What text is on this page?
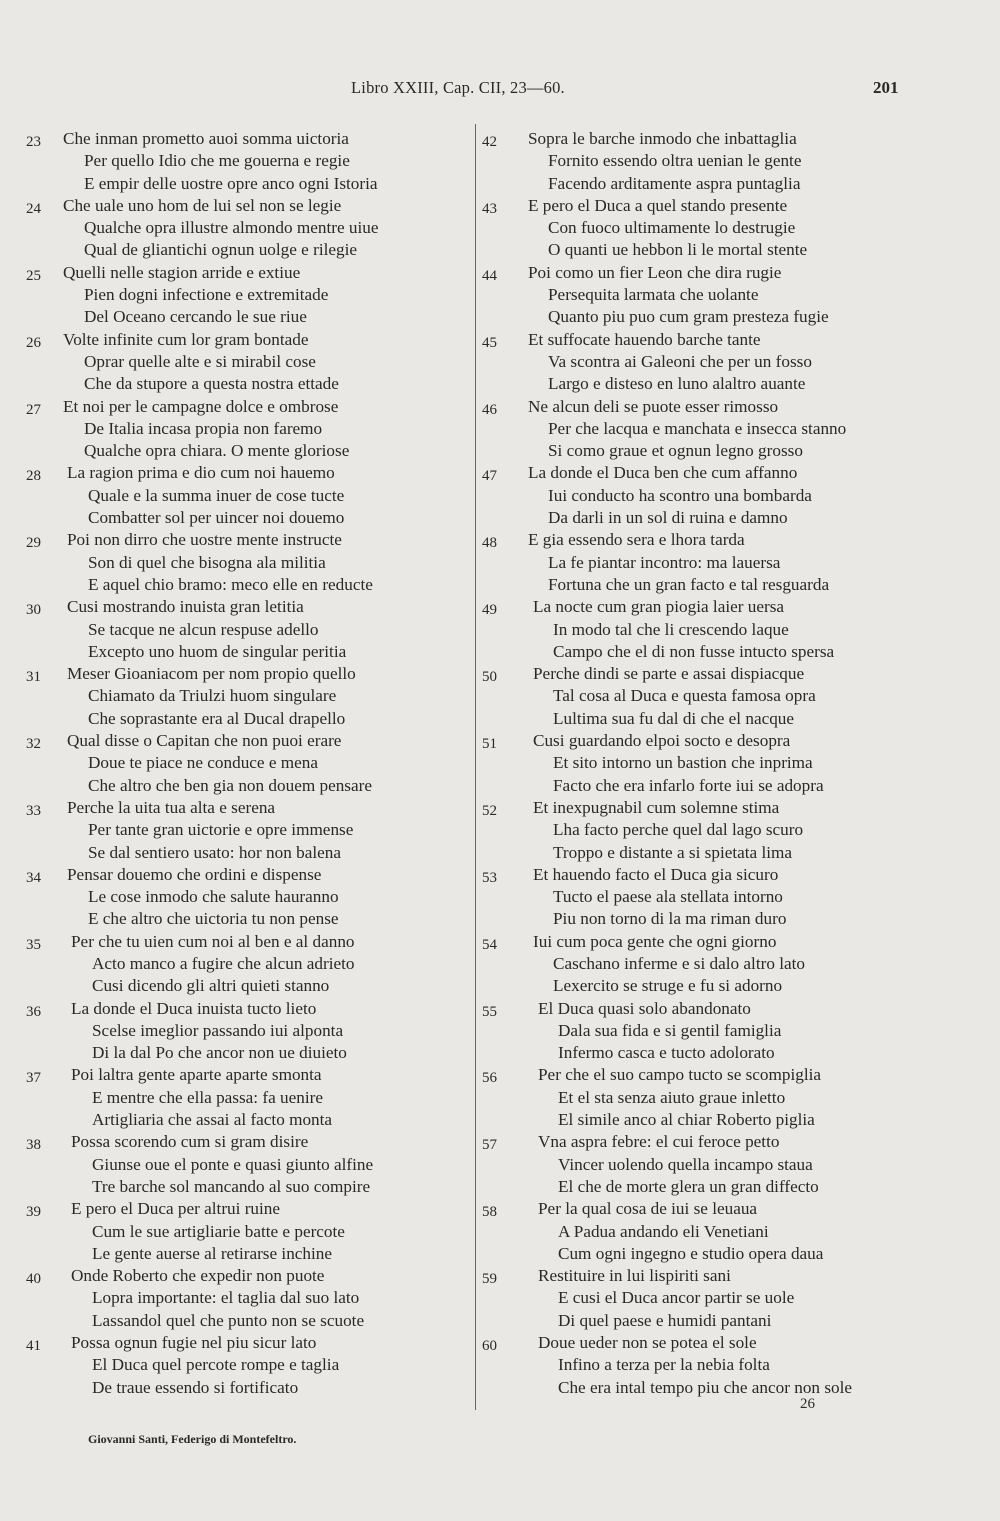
Libro XXIII, Cap. CII, 23—60.	201
23	Che inman prometto auoi somma uictoria
Per quello Idio che me gouerna e regie
E empir delle uostre opre anco ogni Istoria
24	Che uale uno hom de lui sel non se legie
Qualche opra illustre almondo mentre uiue
Qual de gliantichi ognun uolge e rilegie
25	Quelli nelle stagion arride e extiue
Pien dogni infectione e extremitade
Del Oceano cercando le sue riue
26	Volte infinite cum lor gram bontade
Oprar quelle alte e si mirabil cose
Che da stupore a questa nostra ettade
27	Et noi per le campagne dolce e ombrose
De Italia incasa propia non faremo
Qualche opra chiara. O mente gloriose
28	La ragion prima e dio cum noi hauemo
Quale e la summa inuer de cose tucte
Combatter sol per uincer noi douemo
29	Poi non dirro che uostre mente instructe
Son di quel che bisogna ala militia
E aquel chio bramo: meco elle en reducte
30	Cusi mostrando inuista gran letitia
Se tacque ne alcun respuse adello
Excepto uno huom de singular peritia
31	Meser Gioaniacom per nom propio quello
Chiamato da Triulzi huom singulare
Che soprastante era al Ducal drapello
32	Qual disse o Capitan che non puoi erare
Doue te piace ne conduce e mena
Che altro che ben gia non douem pensare
33	Perche la uita tua alta e serena
Per tante gran uictorie e opre immense
Se dal sentiero usato: hor non balena
34	Pensar douemo che ordini e dispense
Le cose inmodo che salute hauranno
E che altro che uictoria tu non pense
35	Per che tu uien cum noi al ben e al danno
Acto manco a fugire che alcun adrieto
Cusi dicendo gli altri quieti stanno
36	La donde el Duca inuista tucto lieto
Scelse imeglior passando iui alponta
Di la dal Po che ancor non ue diuieto
37	Poi laltra gente aparte aparte smonta
E mentre che ella passa: fa uenire
Artigliaria che assai al facto monta
38	Possa scorendo cum si gram disire
Giunse oue el ponte e quasi giunto alfine
Tre barche sol mancando al suo compire
39	E pero el Duca per altrui ruine
Cum le sue artigliarie batte e percote
Le gente auerse al retirarse inchine
40	Onde Roberto che expedir non puote
Lopra importante: el taglia dal suo lato
Lassandol quel che punto non se scuote
41	Possa ognun fugie nel piu sicur lato
El Duca quel percote rompe e taglia
De traue essendo si fortificato
42	Sopra le barche inmodo che inbattaglia
Fornito essendo oltra uenian le gente
Facendo arditamente aspra puntaglia
43	E pero el Duca a quel stando presente
Con fuoco ultimamente lo destrugie
O quanti ue hebbon li le mortal stente
44	Poi como un fier Leon che dira rugie
Persequita larmata che uolante
Quanto piu puo cum gram presteza fugie
45	Et suffocate hauendo barche tante
Va scontra ai Galeoni che per un fosso
Largo e disteso en luno alaltro auante
46	Ne alcun deli se puote esser rimosso
Per che lacqua e manchata e insecca stanno
Si como graue et ognun legno grosso
47	La donde el Duca ben che cum affanno
Iui conducto ha scontro una bombarda
Da darli in un sol di ruina e damno
48	E gia essendo sera e lhora tarda
La fe piantar incontro: ma lauersa
Fortuna che un gran facto e tal resguarda
49	La nocte cum gran piogia laier uersa
In modo tal che li crescendo laque
Campo che el di non fusse intucto spersa
50	Perche dindi se parte e assai dispiacque
Tal cosa al Duca e questa famosa opra
Lultima sua fu dal di che el nacque
51	Cusi guardando elpoi socto e desopra
Et sito intorno un bastion che inprima
Facto che era infarlo forte iui se adopra
52	Et inexpugnabil cum solemne stima
Lha facto perche quel dal lago scuro
Troppo e distante a si spietata lima
53	Et hauendo facto el Duca gia sicuro
Tucto el paese ala stellata intorno
Piu non torno di la ma riman duro
54	Iui cum poca gente che ogni giorno
Caschano inferme e si dalo altro lato
Lexercito se struge e fu si adorno
55	El Duca quasi solo abandonato
Dala sua fida e si gentil famiglia
Infermo casca e tucto adolorato
56	Per che el suo campo tucto se scompiglia
Et el sta senza aiuto graue inletto
El simile anco al chiar Roberto piglia
57	Vna aspra febre: el cui feroce petto
Vincer uolendo quella incampo staua
El che de morte glera un gran diffecto
58	Per la qual cosa de iui se leuaua
A Padua andando eli Venetiani
Cum ogni ingegno e studio opera daua
59	Restituire in lui lispiriti sani
E cusi el Duca ancor partir se uole
Di quel paese e humidi pantani
60	Doue ueder non se potea el sole
Infino a terza per la nebia folta
Che era intal tempo piu che ancor non sole
Giovanni Santi, Federigo di Montefeltro.
26
